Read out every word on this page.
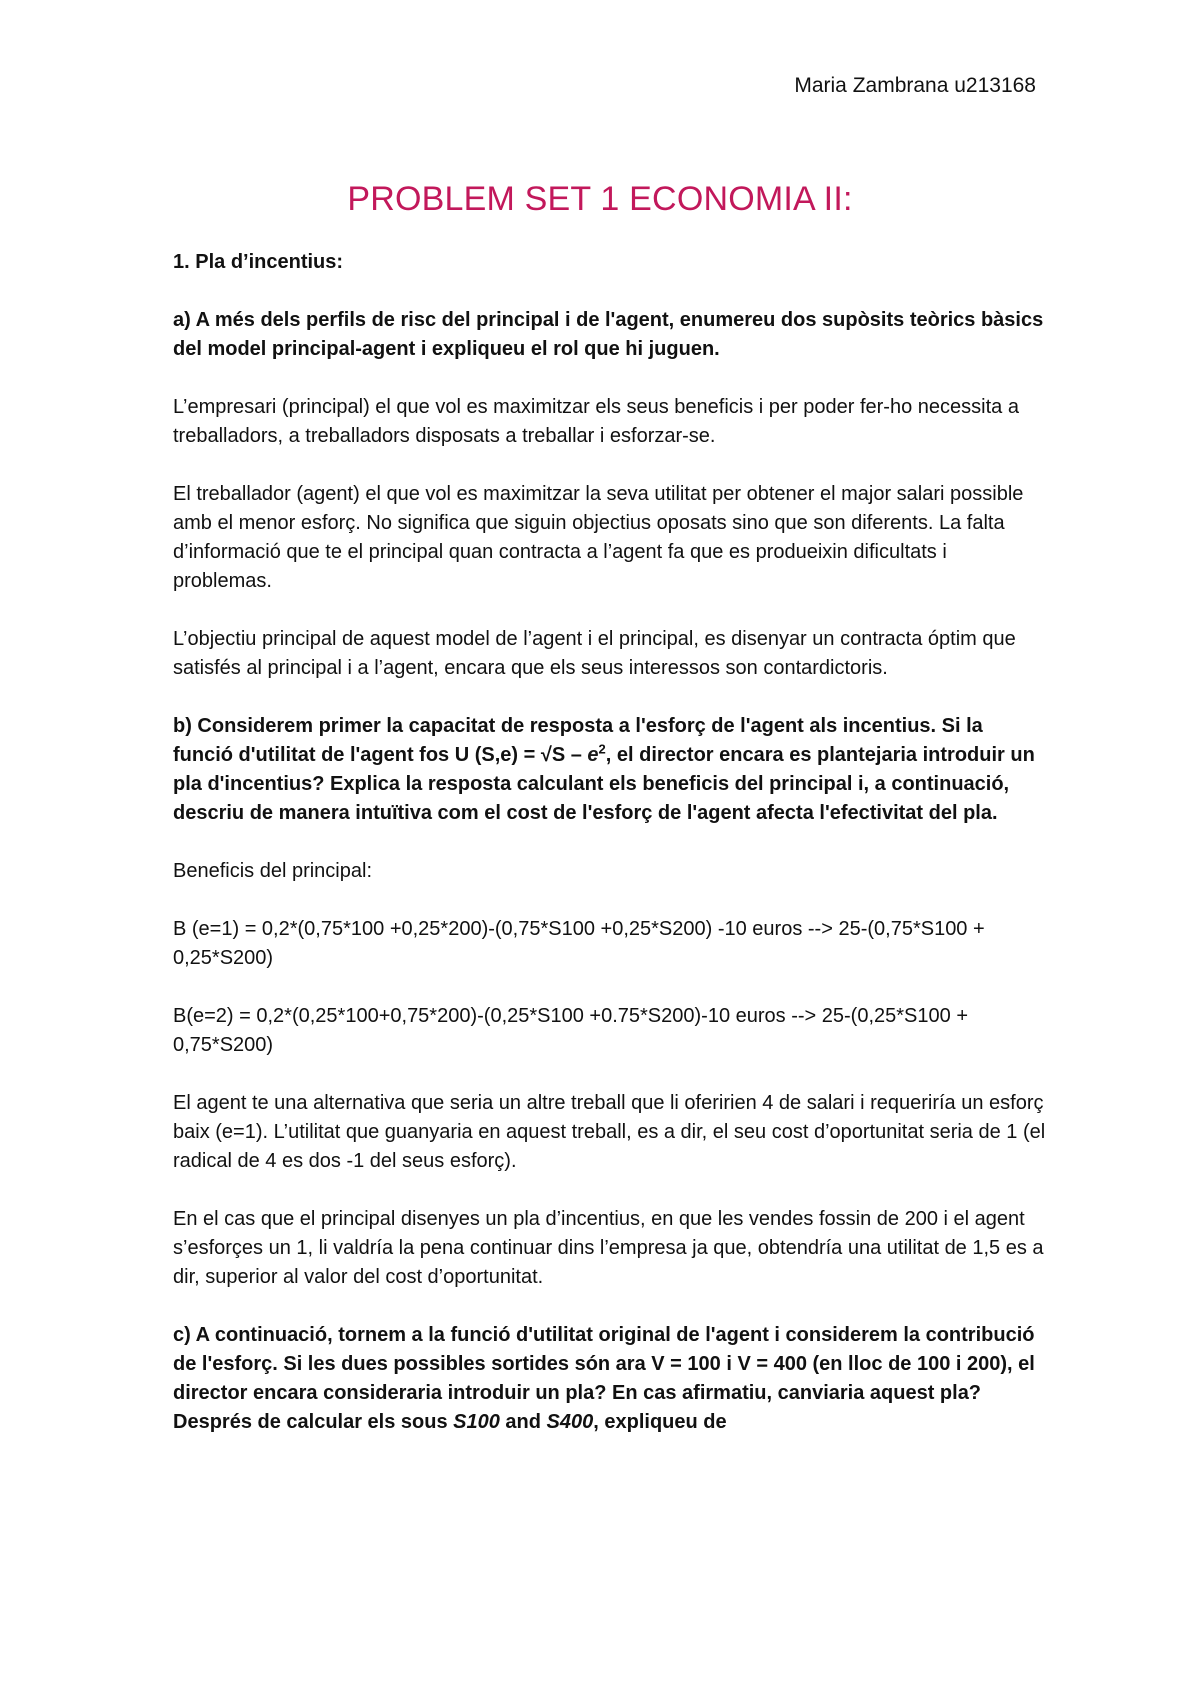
Maria Zambrana u213168
PROBLEM SET 1 ECONOMIA II:

1. Pla d’incentius:

a) A més dels perfils de risc del principal i de l'agent, enumereu dos supòsits teòrics bàsics del model principal-agent i expliqueu el rol que hi juguen.

L’empresari (principal) el que vol es maximitzar els seus beneficis i per poder fer-ho necessita a treballadors, a treballadors disposats a treballar i esforzar-se.

El treballador (agent) el que vol es maximitzar la seva utilitat per obtener el major salari possible amb el menor esforç. No significa que siguin objectius oposats sino que son diferents. La falta d’informació que te el principal quan contracta a l’agent fa que es produeixin dificultats i problemas.

L’objectiu principal de aquest model de l’agent i el principal, es disenyar un contracta óptim que satisfés al principal i a l’agent, encara que els seus interessos son contardictoris.

b) Considerem primer la capacitat de resposta a l'esforç de l'agent als incentius. Si la funció d'utilitat de l'agent fos U $(S,e) = √S - e^2$, el director encara es plantejaria introduir un pla d'incentius? Explica la resposta calculant els beneficis del principal i, a continuació, descriu de manera intuïtiva com el cost de l'esforç de l'agent afecta l'efectivitat del pla.

Beneficis del principal:

B (e=1) = 0,2*(0,75*100 +0,25*200)-(0,75*S100 +0,25*S200) -10 euros --> 25-(0,75*S100 + 0,25*S200)

B(e=2) = 0,2*(0,25*100+0,75*200)-(0,25*S100 +0.75*S200)-10 euros --> 25-(0,25*S100 + 0,75*S200)

El agent te una alternativa que seria un altre treball que li oferirien 4 de salari i requeriría un esforç baix (e=1). L’utilitat que guanyaria en aquest treball, es a dir, el seu cost d’oportunitat seria de 1 (el radical de 4 es dos -1 del seus esforç).

En el cas que el principal disenyes un pla d’incentius, en que les vendes fossin de 200 i el agent s’esforçes un 1, li valdría la pena continuar dins l’empresa ja que, obtendría una utilitat de 1,5 es a dir, superior al valor del cost d’oportunitat.

c) A continuació, tornem a la funció d'utilitat original de l'agent i considerem la contribució de l'esforç. Si les dues possibles sortides són ara V = 100 i V = 400 (en lloc de 100 i 200), el director encara consideraria introduir un pla? En cas afirmatiu, canviaria aquest pla? Després de calcular els sous S100 and S400, expliqueu de
